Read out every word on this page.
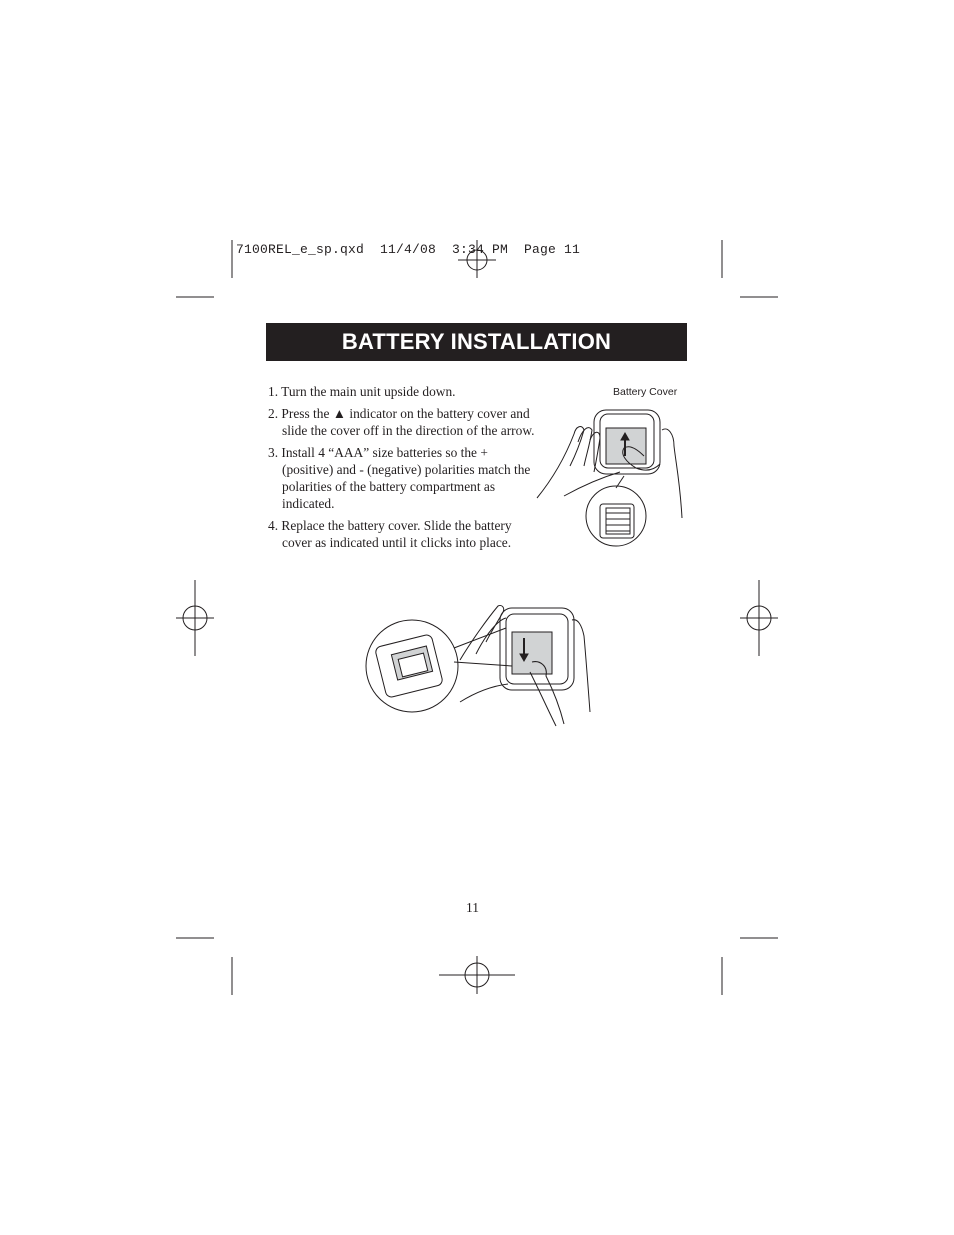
7100REL_e_sp.qxd  11/4/08  3:34 PM  Page 11
BATTERY INSTALLATION
1. Turn the main unit upside down.
2. Press the ▲ indicator on the battery cover and slide the cover off in the direction of the arrow.
3. Install 4 “AAA” size batteries so the + (positive) and - (negative) polarities match the polarities of the battery compartment as indicated.
4. Replace the battery cover. Slide the battery cover as indicated until it clicks into place.
Battery Cover
11
